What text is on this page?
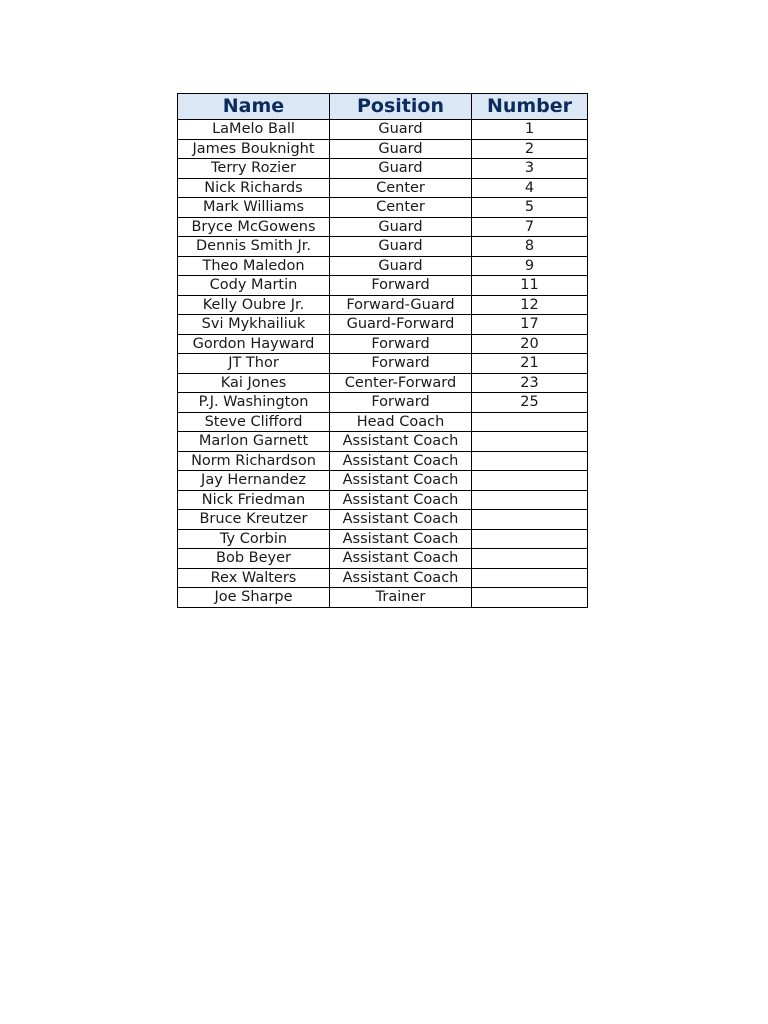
Name	Position	Number
LaMelo Ball	Guard	1
James Bouknight	Guard	2
Terry Rozier	Guard	3
Nick Richards	Center	4
Mark Williams	Center	5
Bryce McGowens	Guard	7
Dennis Smith Jr.	Guard	8
Theo Maledon	Guard	9
Cody Martin	Forward	11
Kelly Oubre Jr.	Forward-Guard	12
Svi Mykhailiuk	Guard-Forward	17
Gordon Hayward	Forward	20
JT Thor	Forward	21
Kai Jones	Center-Forward	23
P.J. Washington	Forward	25
Steve Clifford	Head Coach	
Marlon Garnett	Assistant Coach	
Norm Richardson	Assistant Coach	
Jay Hernandez	Assistant Coach	
Nick Friedman	Assistant Coach	
Bruce Kreutzer	Assistant Coach	
Ty Corbin	Assistant Coach	
Bob Beyer	Assistant Coach	
Rex Walters	Assistant Coach	
Joe Sharpe	Trainer	
